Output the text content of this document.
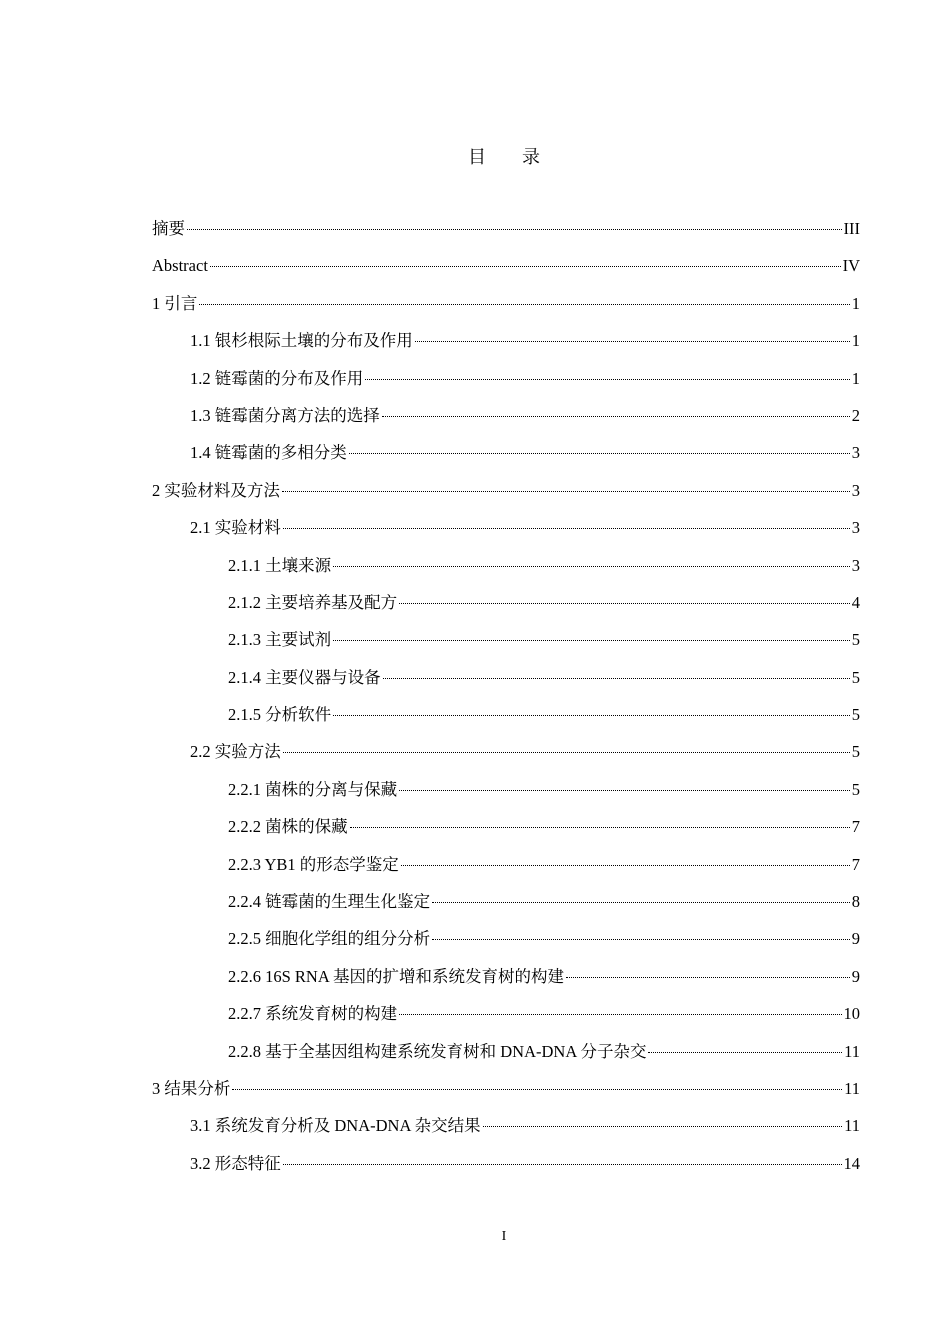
目 录
摘要	III
Abstract	IV
1 引言	1
1.1 银杉根际土壤的分布及作用	1
1.2 链霉菌的分布及作用	1
1.3 链霉菌分离方法的选择	2
1.4 链霉菌的多相分类	3
2 实验材料及方法	3
2.1 实验材料	3
2.1.1 土壤来源	3
2.1.2 主要培养基及配方	4
2.1.3 主要试剂	5
2.1.4 主要仪器与设备	5
2.1.5 分析软件	5
2.2 实验方法	5
2.2.1 菌株的分离与保藏	5
2.2.2 菌株的保藏	7
2.2.3 YB1 的形态学鉴定	7
2.2.4 链霉菌的生理生化鉴定	8
2.2.5 细胞化学组的组分分析	9
2.2.6 16S RNA 基因的扩增和系统发育树的构建	9
2.2.7 系统发育树的构建	10
2.2.8 基于全基因组构建系统发育树和 DNA-DNA 分子杂交	11
3 结果分析	11
3.1 系统发育分析及 DNA-DNA 杂交结果	11
3.2 形态特征	14
I
